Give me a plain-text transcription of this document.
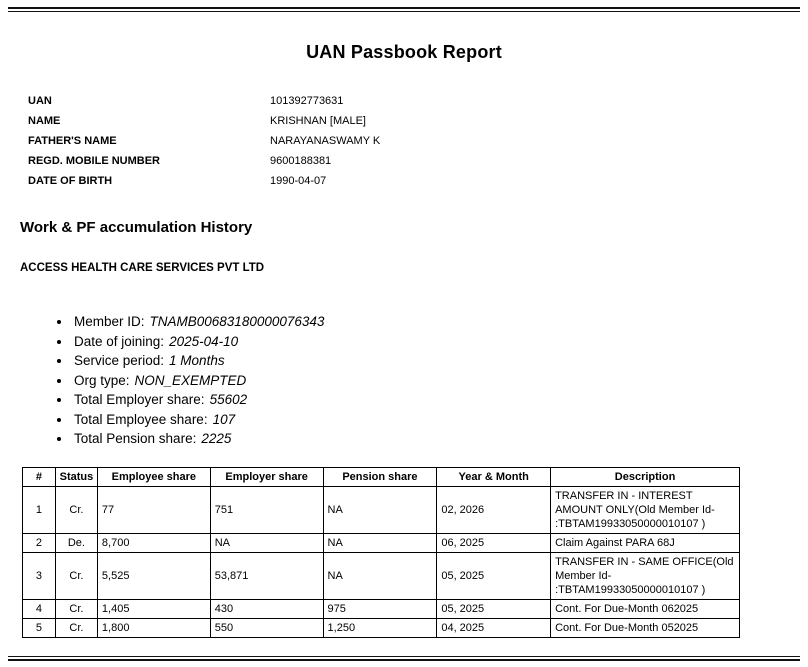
UAN Passbook Report
UAN	101392773631
NAME	KRISHNAN [MALE]
FATHER'S NAME	NARAYANASWAMY K
REGD. MOBILE NUMBER	9600188381
DATE OF BIRTH	1990-04-07
Work & PF accumulation History
ACCESS HEALTH CARE SERVICES PVT LTD
• Member ID: TNAMB00683180000076343
• Date of joining: 2025-04-10
• Service period: 1 Months
• Org type: NON_EXEMPTED
• Total Employer share: 55602
• Total Employee share: 107
• Total Pension share: 2225
#	Status	Employee share	Employer share	Pension share	Year & Month	Description
1	Cr.	77	751	NA	02, 2026	TRANSFER IN - INTEREST AMOUNT ONLY(Old Member Id- :TBTAM19933050000010107 )
2	De.	8,700	NA	NA	06, 2025	Claim Against PARA 68J
3	Cr.	5,525	53,871	NA	05, 2025	TRANSFER IN - SAME OFFICE(Old Member Id- :TBTAM19933050000010107 )
4	Cr.	1,405	430	975	05, 2025	Cont. For Due-Month 062025
5	Cr.	1,800	550	1,250	04, 2025	Cont. For Due-Month 052025
